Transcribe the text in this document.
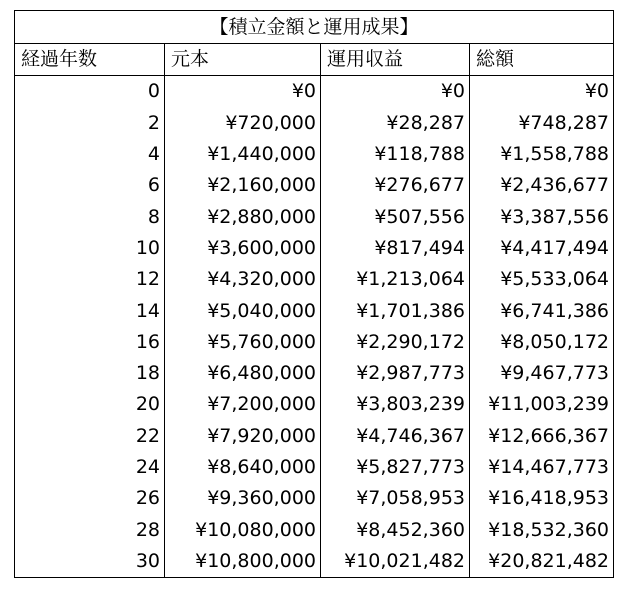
【積立金額と運用成果】			
経過年数	元本	運用収益	総額
0	¥0	¥0	¥0
2	¥720,000	¥28,287	¥748,287
4	¥1,440,000	¥118,788	¥1,558,788
6	¥2,160,000	¥276,677	¥2,436,677
8	¥2,880,000	¥507,556	¥3,387,556
10	¥3,600,000	¥817,494	¥4,417,494
12	¥4,320,000	¥1,213,064	¥5,533,064
14	¥5,040,000	¥1,701,386	¥6,741,386
16	¥5,760,000	¥2,290,172	¥8,050,172
18	¥6,480,000	¥2,987,773	¥9,467,773
20	¥7,200,000	¥3,803,239	¥11,003,239
22	¥7,920,000	¥4,746,367	¥12,666,367
24	¥8,640,000	¥5,827,773	¥14,467,773
26	¥9,360,000	¥7,058,953	¥16,418,953
28	¥10,080,000	¥8,452,360	¥18,532,360
30	¥10,800,000	¥10,021,482	¥20,821,482
